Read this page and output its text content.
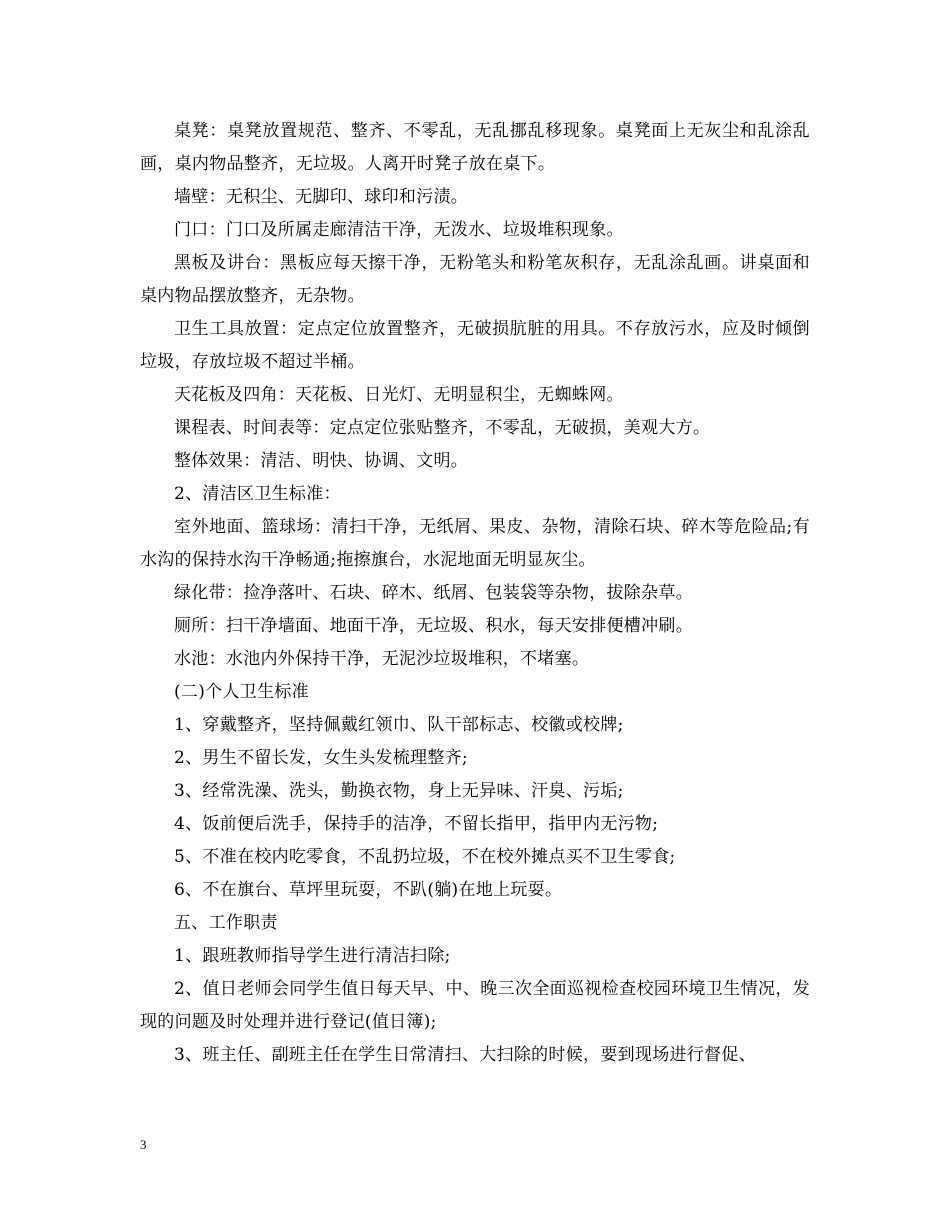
桌凳：桌凳放置规范、整齐、不零乱，无乱挪乱移现象。桌凳面上无灰尘和乱涂乱画，桌内物品整齐，无垃圾。人离开时凳子放在桌下。

墙壁：无积尘、无脚印、球印和污渍。

门口：门口及所属走廊清洁干净，无泼水、垃圾堆积现象。

黑板及讲台：黑板应每天擦干净，无粉笔头和粉笔灰积存，无乱涂乱画。讲桌面和桌内物品摆放整齐，无杂物。

卫生工具放置：定点定位放置整齐，无破损肮脏的用具。不存放污水，应及时倾倒垃圾，存放垃圾不超过半桶。

天花板及四角：天花板、日光灯、无明显积尘，无蜘蛛网。

课程表、时间表等：定点定位张贴整齐，不零乱，无破损，美观大方。

整体效果：清洁、明快、协调、文明。

2、清洁区卫生标准：

室外地面、篮球场：清扫干净，无纸屑、果皮、杂物，清除石块、碎木等危险品;有水沟的保持水沟干净畅通;拖擦旗台，水泥地面无明显灰尘。

绿化带：捡净落叶、石块、碎木、纸屑、包装袋等杂物，拔除杂草。

厕所：扫干净墙面、地面干净，无垃圾、积水，每天安排便槽冲刷。

水池：水池内外保持干净，无泥沙垃圾堆积，不堵塞。

(二)个人卫生标准

1、穿戴整齐，坚持佩戴红领巾、队干部标志、校徽或校牌;

2、男生不留长发，女生头发梳理整齐;

3、经常洗澡、洗头，勤换衣物，身上无异味、汗臭、污垢;

4、饭前便后洗手，保持手的洁净，不留长指甲，指甲内无污物;

5、不准在校内吃零食，不乱扔垃圾，不在校外摊点买不卫生零食;

6、不在旗台、草坪里玩耍，不趴(躺)在地上玩耍。

五、工作职责

1、跟班教师指导学生进行清洁扫除;

2、值日老师会同学生值日每天早、中、晚三次全面巡视检查校园环境卫生情况，发现的问题及时处理并进行登记(值日簿);

3、班主任、副班主任在学生日常清扫、大扫除的时候，要到现场进行督促、

3
